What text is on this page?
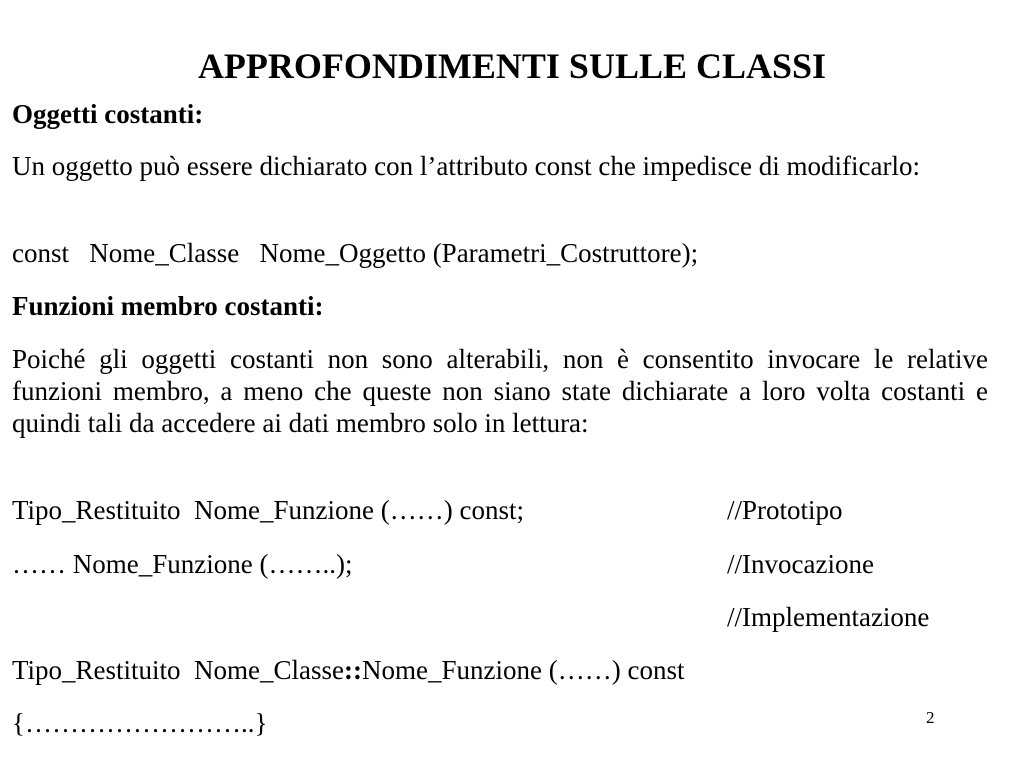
APPROFONDIMENTI SULLE CLASSI
Oggetti costanti:
Un oggetto può essere dichiarato con l’attributo const che impedisce di modificarlo:
const   Nome_Classe   Nome_Oggetto (Parametri_Costruttore);
Funzioni membro costanti:
Poiché gli oggetti costanti non sono alterabili, non è consentito invocare le relative funzioni membro, a meno che queste non siano state dichiarate a loro volta costanti e quindi tali da accedere ai dati membro solo in lettura:
Tipo_Restituito  Nome_Funzione (……) const;	//Prototipo
…… Nome_Funzione (……..);	//Invocazione
//Implementazione
Tipo_Restituito  Nome_Classe::Nome_Funzione (……) const
{……………………..}	2
